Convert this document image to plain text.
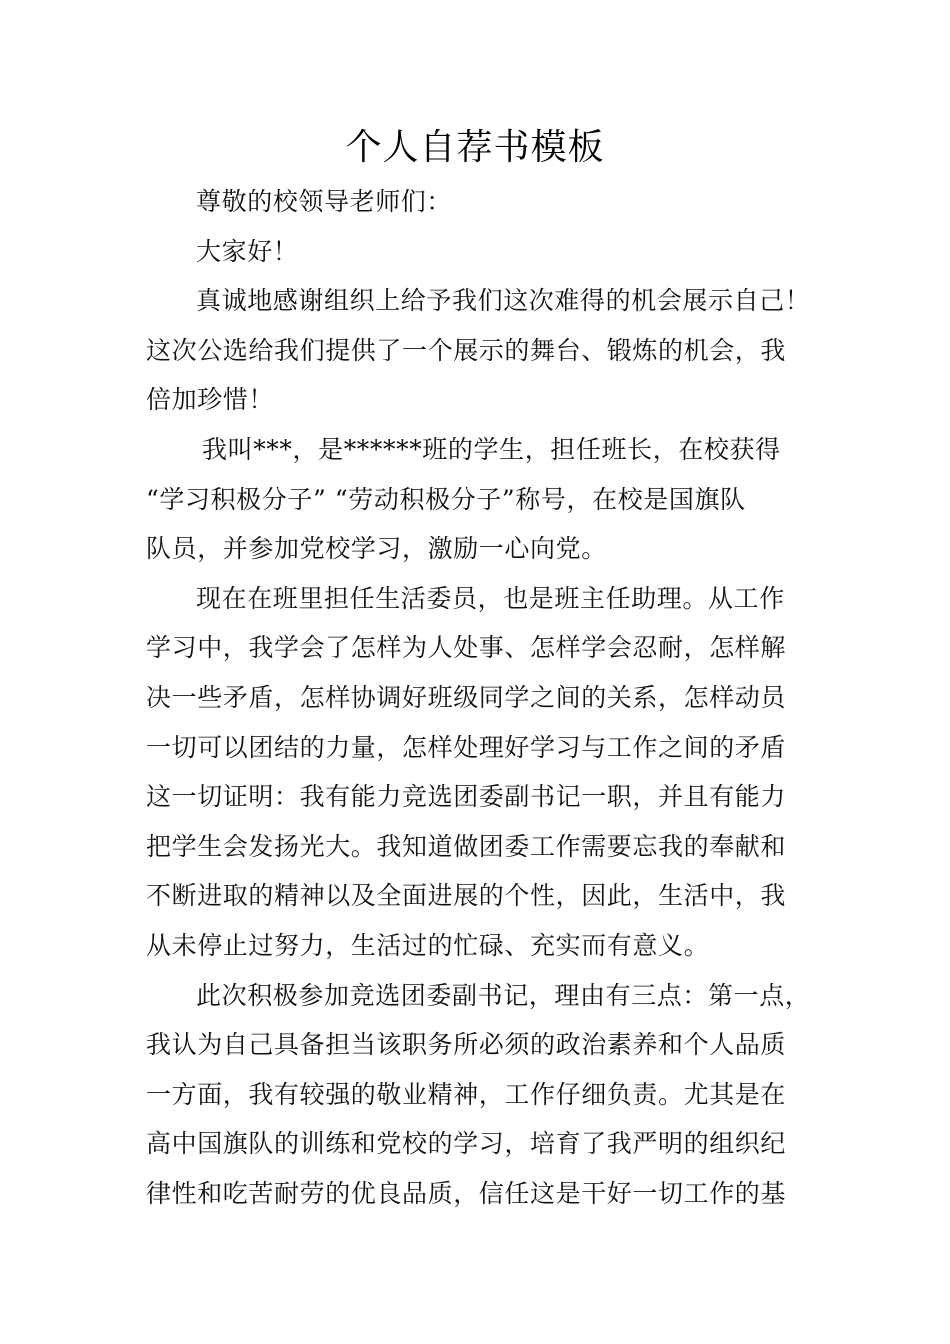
个人自荐书模板
尊敬的校领导老师们：
大家好！
真诚地感谢组织上给予我们这次难得的机会展示自己！
这次公选给我们提供了一个展示的舞台、锻炼的机会，我
倍加珍惜！
我叫***，是******班的学生，担任班长，在校获得
“学习积极分子” “劳动积极分子”称号，在校是国旗队
队员，并参加党校学习，激励一心向党。
现在在班里担任生活委员，也是班主任助理。从工作
学习中，我学会了怎样为人处事、怎样学会忍耐，怎样解
决一些矛盾，怎样协调好班级同学之间的关系，怎样动员
一切可以团结的力量，怎样处理好学习与工作之间的矛盾
这一切证明：我有能力竞选团委副书记一职，并且有能力
把学生会发扬光大。我知道做团委工作需要忘我的奉献和
不断进取的精神以及全面进展的个性，因此，生活中，我
从未停止过努力，生活过的忙碌、充实而有意义。
此次积极参加竞选团委副书记，理由有三点：第一点，
我认为自己具备担当该职务所必须的政治素养和个人品质
一方面，我有较强的敬业精神，工作仔细负责。尤其是在
高中国旗队的训练和党校的学习，培育了我严明的组织纪
律性和吃苦耐劳的优良品质，信任这是干好一切工作的基
